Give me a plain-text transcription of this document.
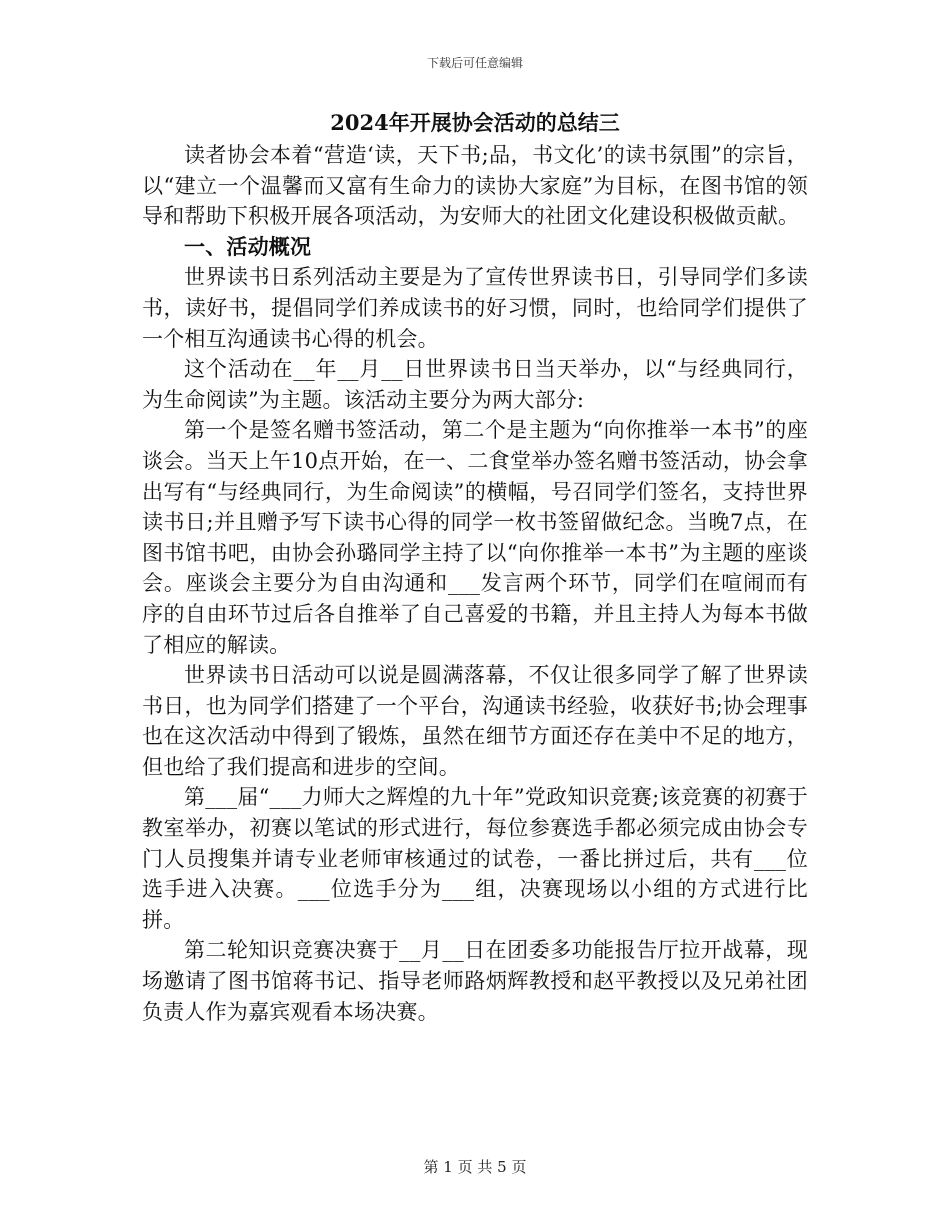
下载后可任意编辑
2024年开展协会活动的总结三

读者协会本着“营造‘读，天下书;品，书文化’的读书氛围”的宗旨，以“建立一个温馨而又富有生命力的读协大家庭”为目标，在图书馆的领导和帮助下积极开展各项活动，为安师大的社团文化建设积极做贡献。

一、活动概况

世界读书日系列活动主要是为了宣传世界读书日，引导同学们多读书，读好书，提倡同学们养成读书的好习惯，同时，也给同学们提供了一个相互沟通读书心得的机会。

这个活动在__年__月__日世界读书日当天举办，以“与经典同行，为生命阅读”为主题。该活动主要分为两大部分:

第一个是签名赠书签活动，第二个是主题为“向你推举一本书”的座谈会。当天上午10点开始，在一、二食堂举办签名赠书签活动，协会拿出写有“与经典同行，为生命阅读”的横幅，号召同学们签名，支持世界读书日;并且赠予写下读书心得的同学一枚书签留做纪念。当晚7点，在图书馆书吧，由协会孙璐同学主持了以“向你推举一本书”为主题的座谈会。座谈会主要分为自由沟通和___发言两个环节，同学们在喧闹而有序的自由环节过后各自推举了自己喜爱的书籍，并且主持人为每本书做了相应的解读。

世界读书日活动可以说是圆满落幕，不仅让很多同学了解了世界读书日，也为同学们搭建了一个平台，沟通读书经验，收获好书;协会理事也在这次活动中得到了锻炼，虽然在细节方面还存在美中不足的地方，但也给了我们提高和进步的空间。

第___届“___力师大之辉煌的九十年”党政知识竞赛;该竞赛的初赛于教室举办，初赛以笔试的形式进行，每位参赛选手都必须完成由协会专门人员搜集并请专业老师审核通过的试卷，一番比拼过后，共有___位选手进入决赛。___位选手分为___组，决赛现场以小组的方式进行比拼。

第二轮知识竞赛决赛于__月__日在团委多功能报告厅拉开战幕，现场邀请了图书馆蒋书记、指导老师路炳辉教授和赵平教授以及兄弟社团负责人作为嘉宾观看本场决赛。

第 1 页 共 5 页
